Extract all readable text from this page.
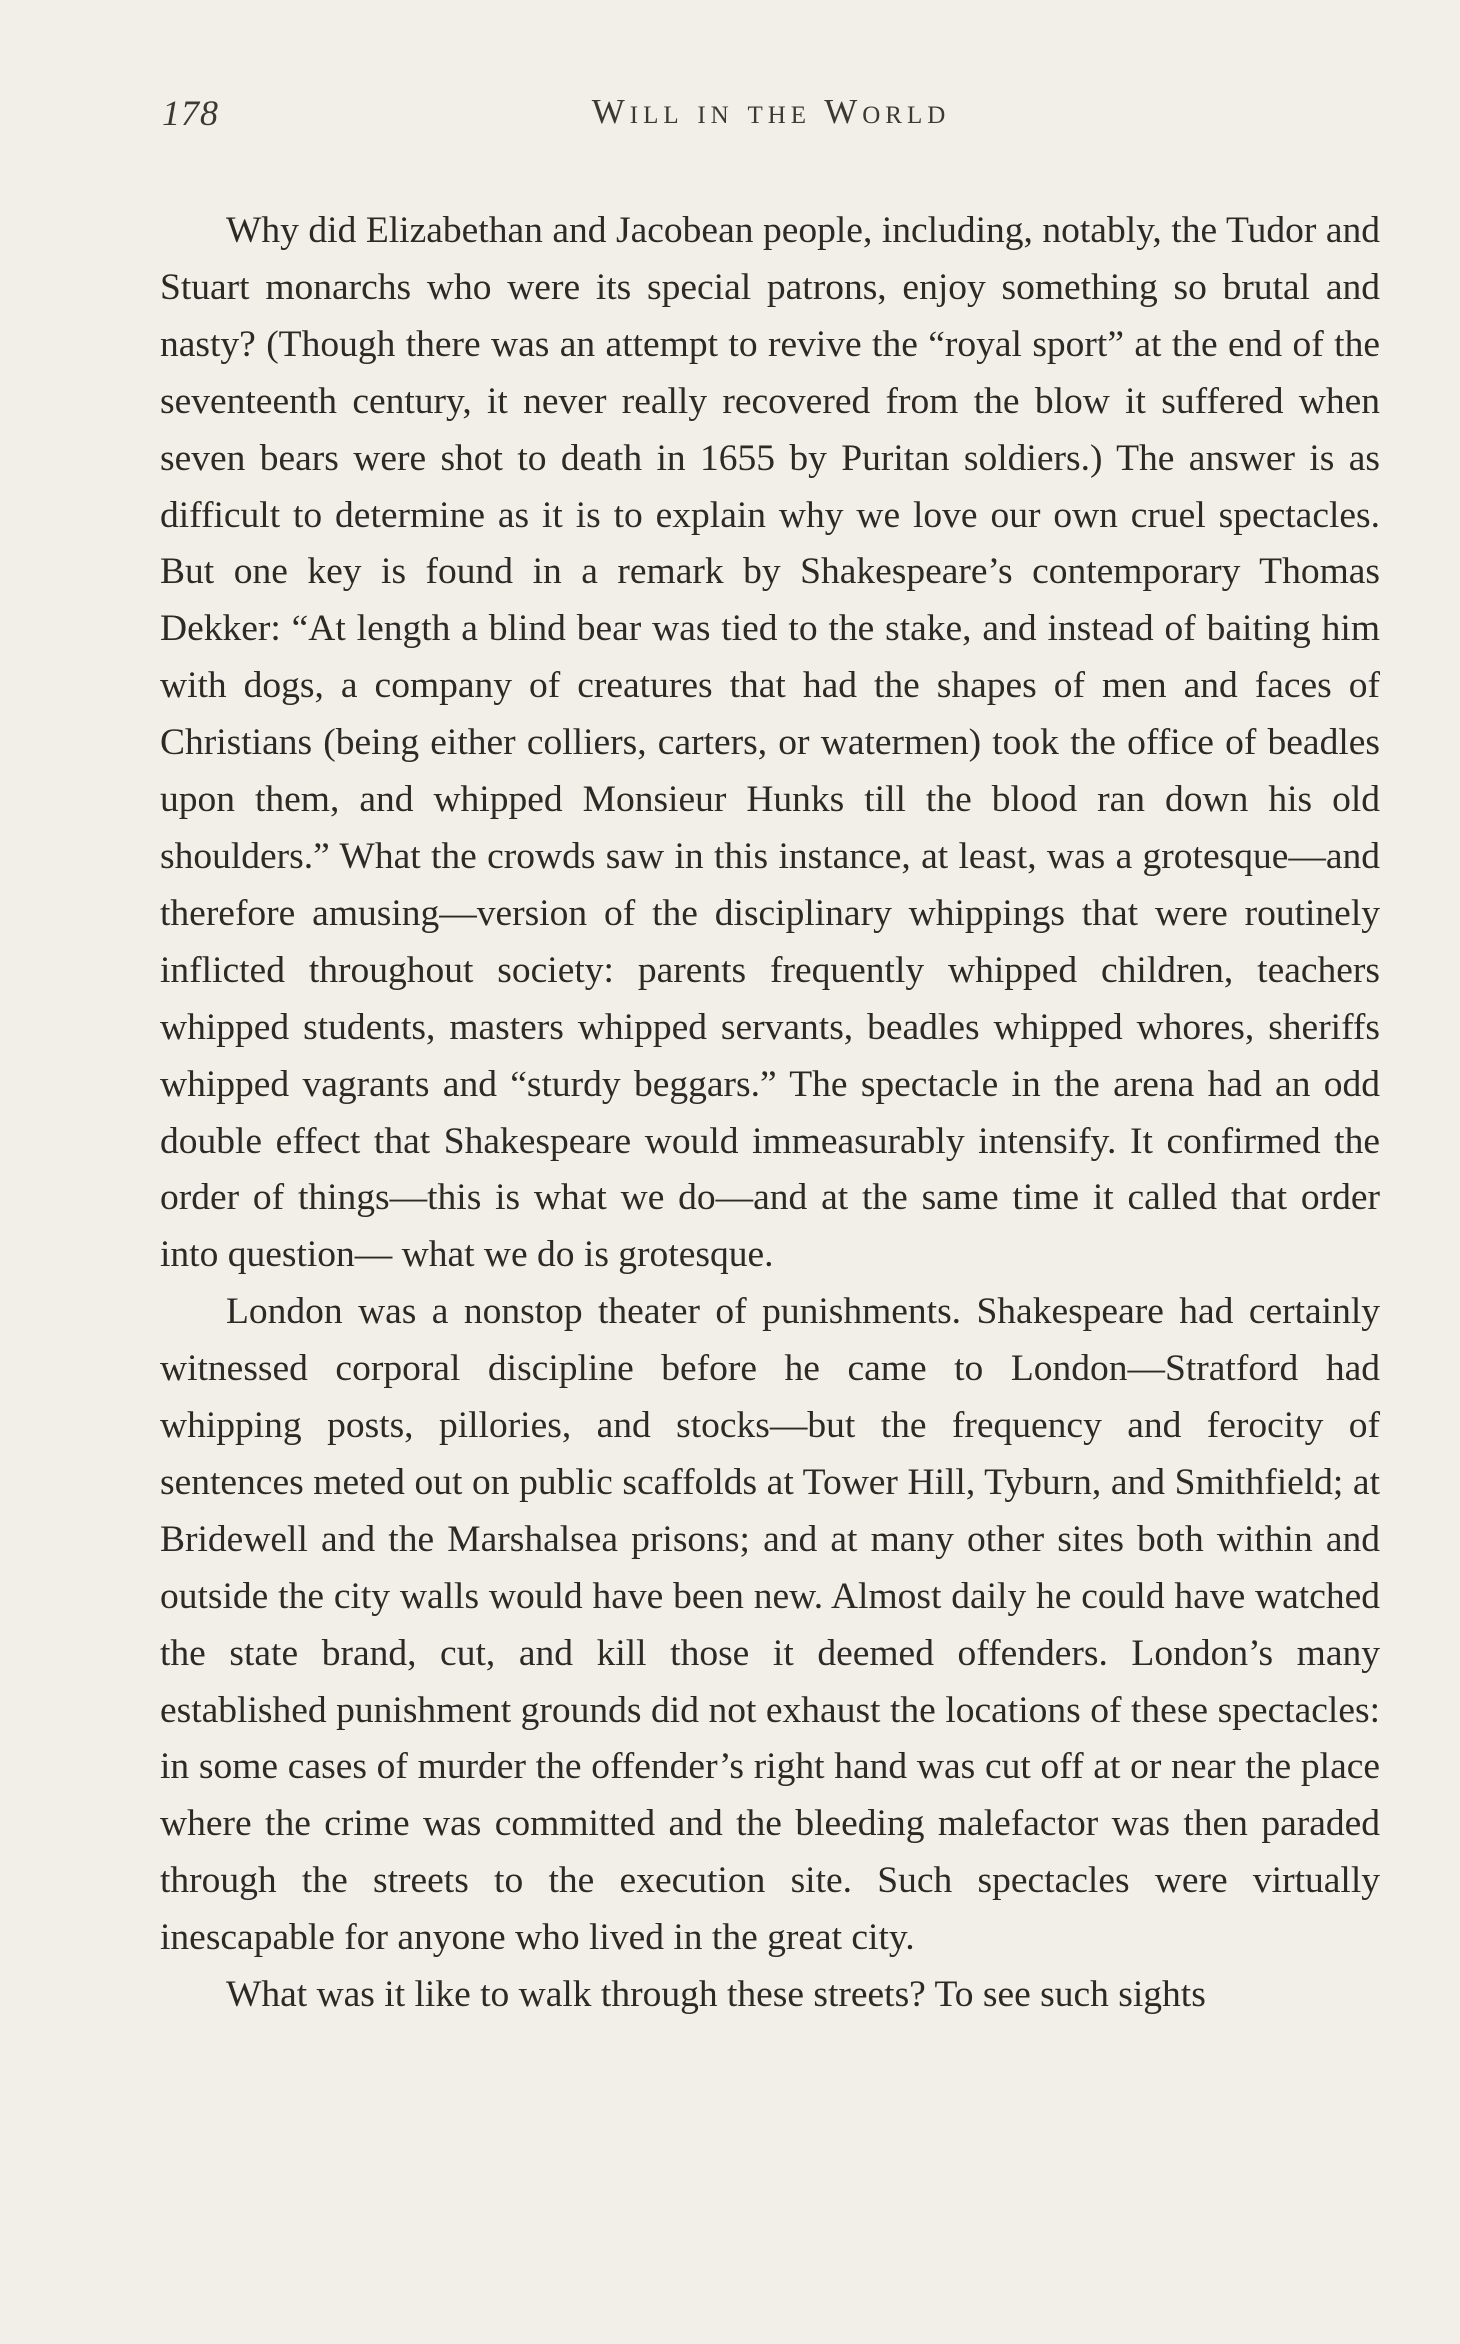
178	Will in the World

Why did Elizabethan and Jacobean people, including, notably, the Tudor and Stuart monarchs who were its special patrons, enjoy something so brutal and nasty? (Though there was an attempt to revive the “royal sport” at the end of the seventeenth century, it never really recovered from the blow it suffered when seven bears were shot to death in 1655 by Puritan soldiers.) The answer is as difficult to determine as it is to explain why we love our own cruel spectacles. But one key is found in a remark by Shakespeare’s contemporary Thomas Dekker: “At length a blind bear was tied to the stake, and instead of baiting him with dogs, a company of creatures that had the shapes of men and faces of Christians (being either colliers, carters, or watermen) took the office of beadles upon them, and whipped Monsieur Hunks till the blood ran down his old shoulders.” What the crowds saw in this instance, at least, was a grotesque—and therefore amusing—version of the disciplinary whippings that were routinely inflicted throughout society: parents frequently whipped children, teachers whipped students, masters whipped servants, beadles whipped whores, sheriffs whipped vagrants and “sturdy beggars.” The spectacle in the arena had an odd double effect that Shakespeare would immeasurably intensify. It confirmed the order of things—this is what we do—and at the same time it called that order into question— what we do is grotesque.

London was a nonstop theater of punishments. Shakespeare had certainly witnessed corporal discipline before he came to London—Stratford had whipping posts, pillories, and stocks—but the frequency and ferocity of sentences meted out on public scaffolds at Tower Hill, Tyburn, and Smithfield; at Bridewell and the Marshalsea prisons; and at many other sites both within and outside the city walls would have been new. Almost daily he could have watched the state brand, cut, and kill those it deemed offenders. London’s many established punishment grounds did not exhaust the locations of these spectacles: in some cases of murder the offender’s right hand was cut off at or near the place where the crime was committed and the bleeding malefactor was then paraded through the streets to the execution site. Such spectacles were virtually inescapable for anyone who lived in the great city.

What was it like to walk through these streets? To see such sights
